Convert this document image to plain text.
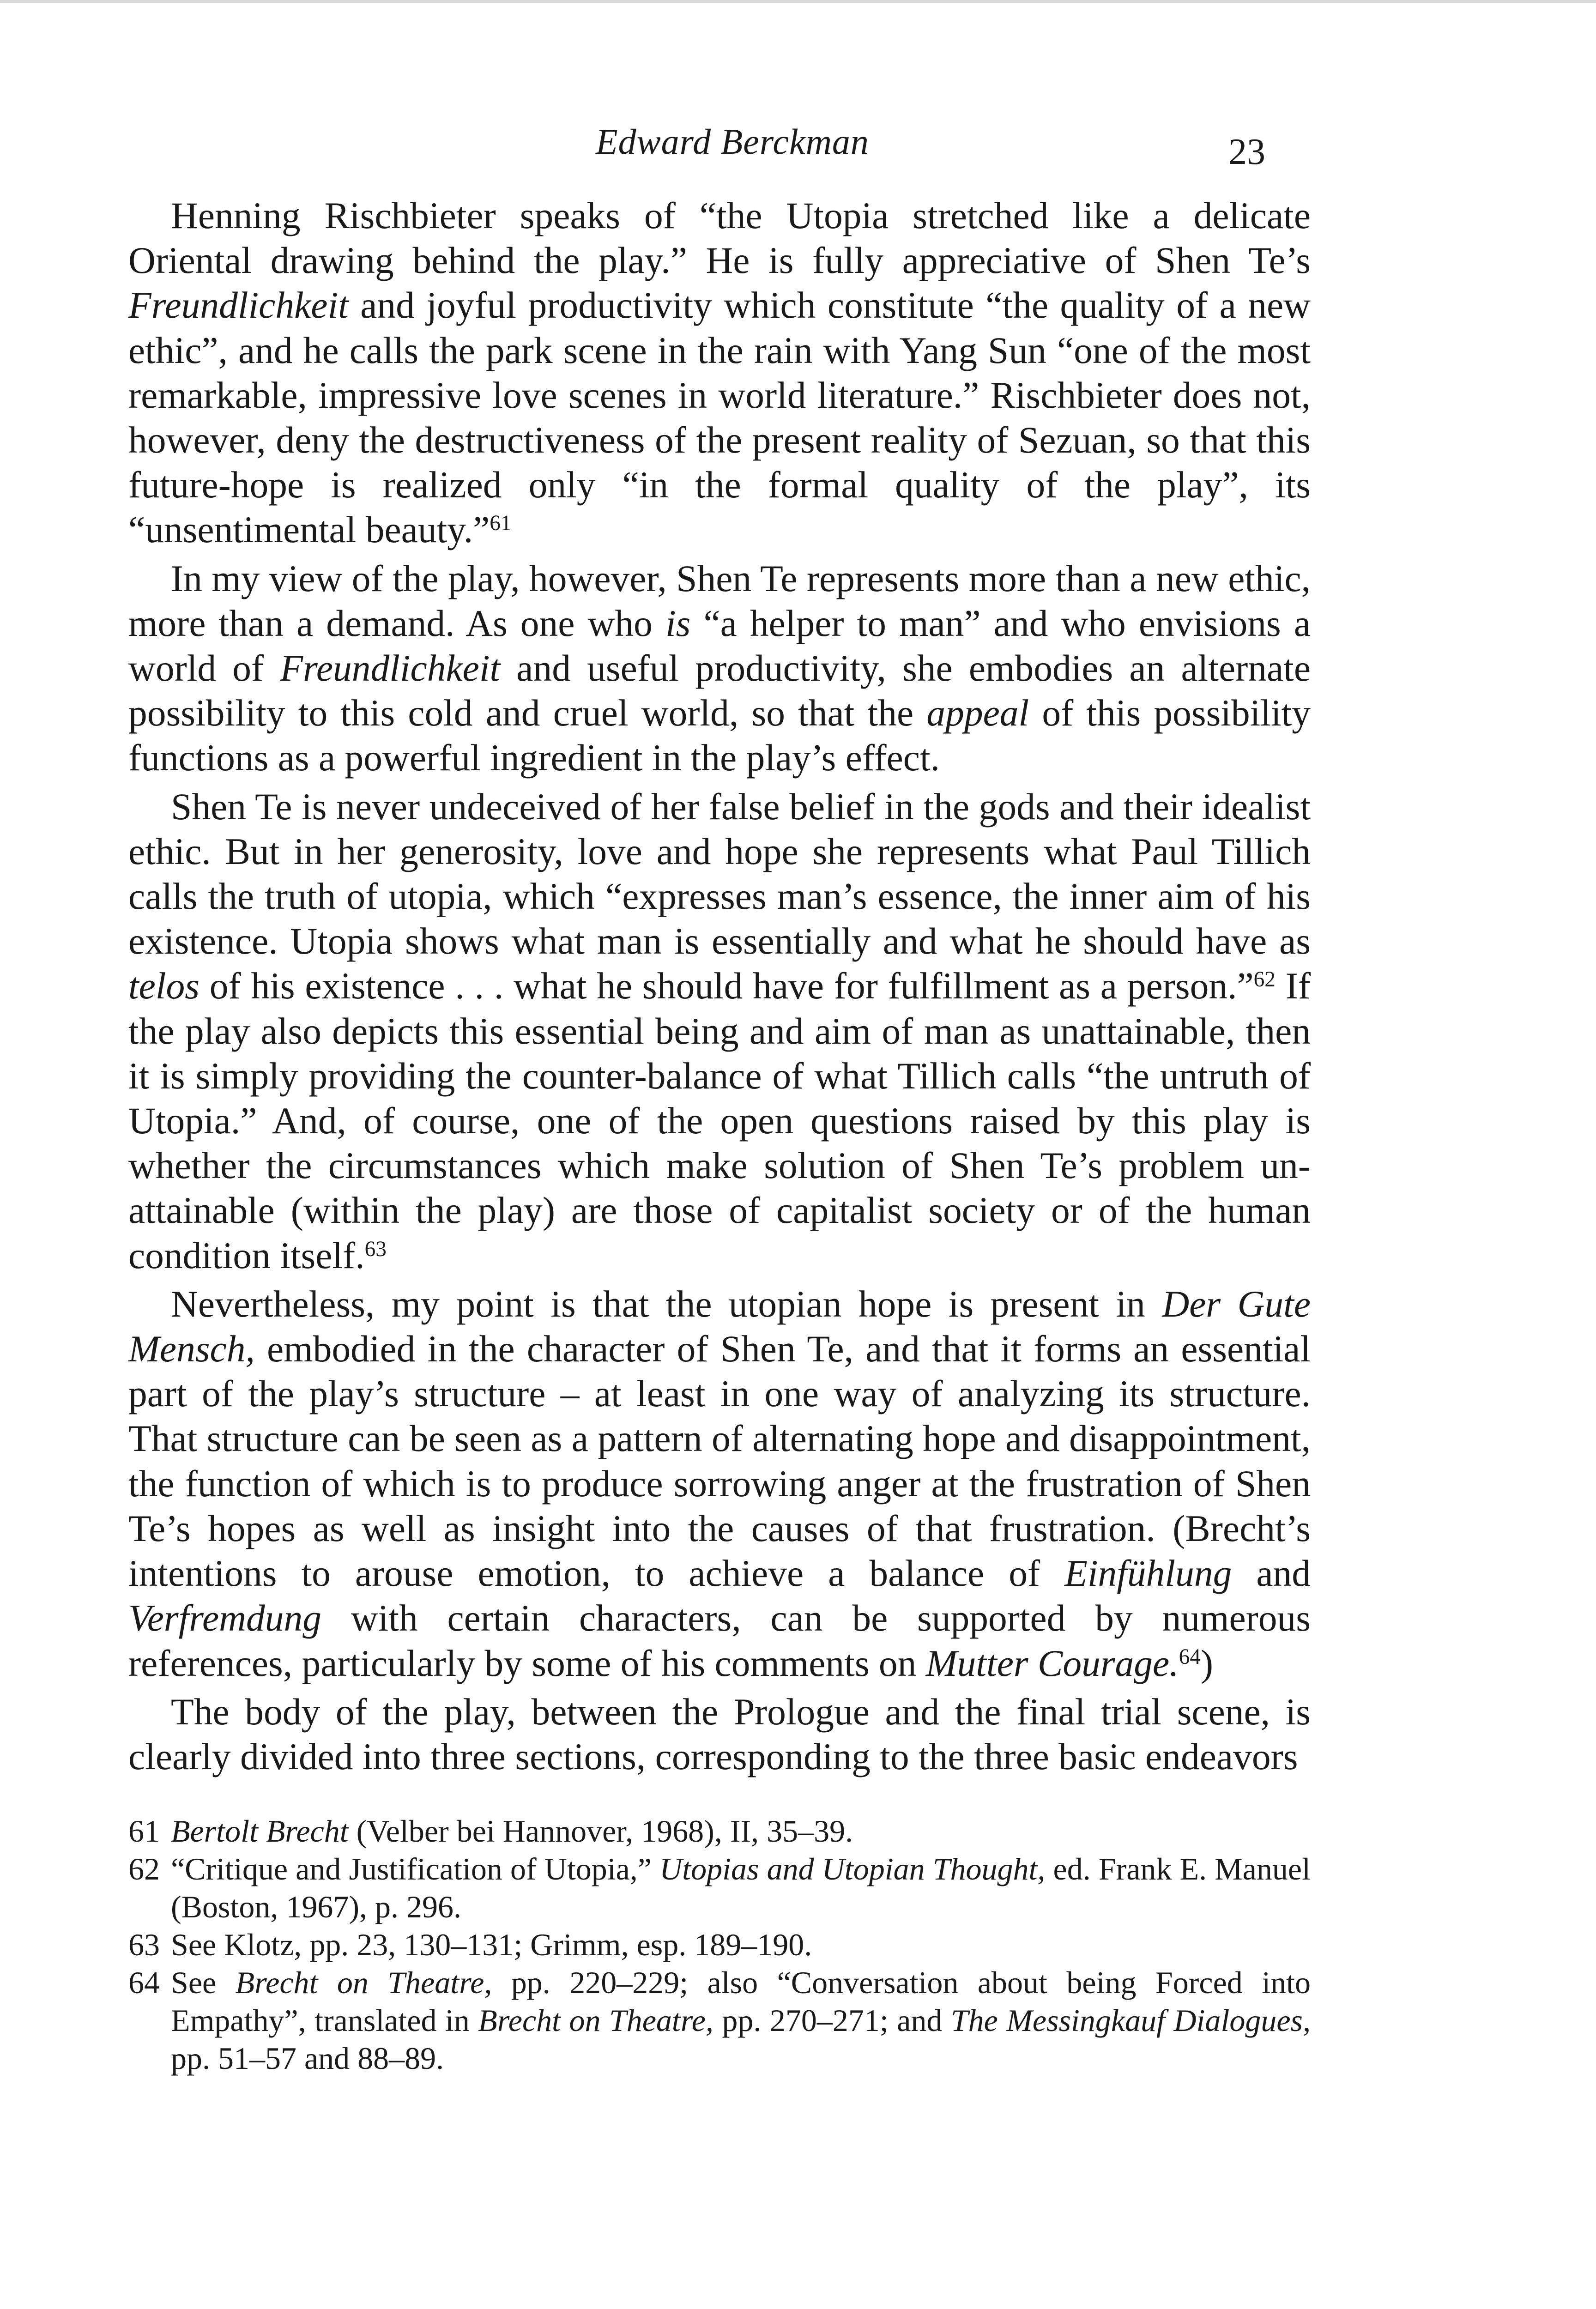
Edward Berckman	23

Henning Rischbieter speaks of “the Utopia stretched like a delicate Oriental drawing behind the play.” He is fully appreciative of Shen Te’s Freundlichkeit and joyful productivity which constitute “the quality of a new ethic”, and he calls the park scene in the rain with Yang Sun “one of the most remarkable, impressive love scenes in world literature.” Rischbieter does not, however, deny the destructiveness of the present reality of Sezuan, so that this future-hope is realized only “in the formal quality of the play”, its “unsentimental beauty.”$^{61}$

In my view of the play, however, Shen Te represents more than a new ethic, more than a demand. As one who is “a helper to man” and who envisions a world of Freundlichkeit and useful productivity, she embodies an alternate possibility to this cold and cruel world, so that the appeal of this possibility functions as a powerful ingredient in the play’s effect.

Shen Te is never undeceived of her false belief in the gods and their idealist ethic. But in her generosity, love and hope she represents what Paul Tillich calls the truth of utopia, which “expresses man’s essence, the inner aim of his existence. Utopia shows what man is essentially and what he should have as telos of his existence . . . what he should have for fulfillment as a person.”$^{62}$ If the play also depicts this essential being and aim of man as unattainable, then it is simply providing the counter-balance of what Tillich calls “the untruth of Utopia.” And, of course, one of the open questions raised by this play is whether the circumstances which make solution of Shen Te’s problem unattainable (within the play) are those of capitalist society or of the human condition itself.$^{63}$

Nevertheless, my point is that the utopian hope is present in Der Gute Mensch, embodied in the character of Shen Te, and that it forms an essential part of the play’s structure – at least in one way of analyzing its structure. That structure can be seen as a pattern of alternating hope and disappointment, the function of which is to produce sorrowing anger at the frustration of Shen Te’s hopes as well as insight into the causes of that frustration. (Brecht’s intentions to arouse emotion, to achieve a balance of Einfühlung and Verfremdung with certain characters, can be supported by numerous references, particularly by some of his comments on Mutter Courage.$^{64}$)

The body of the play, between the Prologue and the final trial scene, is clearly divided into three sections, corresponding to the three basic endeavors

61 Bertolt Brecht (Velber bei Hannover, 1968), II, 35–39.
62 “Critique and Justification of Utopia,” Utopias and Utopian Thought, ed. Frank E. Manuel (Boston, 1967), p. 296.
63 See Klotz, pp. 23, 130–131; Grimm, esp. 189–190.
64 See Brecht on Theatre, pp. 220–229; also “Conversation about being Forced into Empathy”, translated in Brecht on Theatre, pp. 270–271; and The Messingkauf Dialogues, pp. 51–57 and 88–89.
